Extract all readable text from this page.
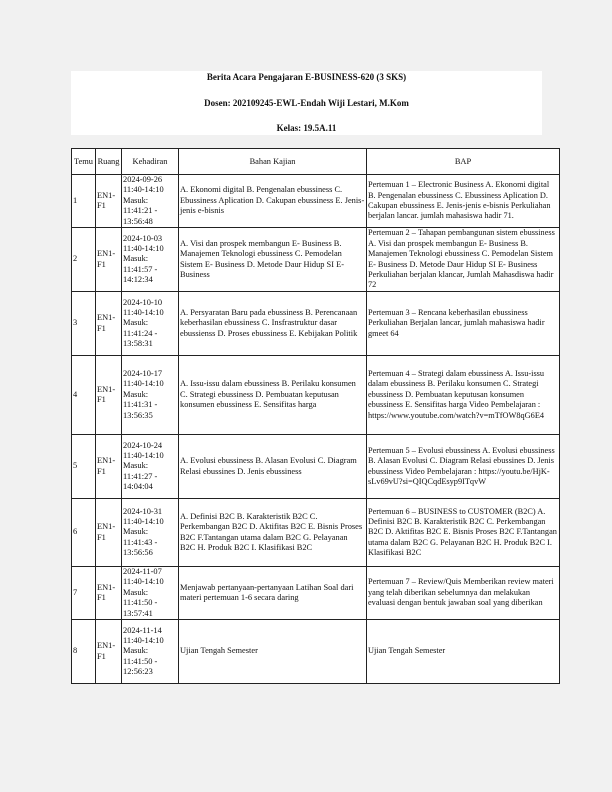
Berita Acara Pengajaran E-BUSINESS-620 (3 SKS)
Dosen: 202109245-EWL-Endah Wiji Lestari, M.Kom
Kelas: 19.5A.11
Temu	Ruang	Kehadiran	Bahan Kajian	BAP
1	EN1-F1	2024-09-26 11:40-14:10 Masuk: 11:41:21 - 13:56:48	A. Ekonomi digital B. Pengenalan ebussiness C. Ebussiness Aplication D. Cakupan ebussiness E. Jenis-jenis e-bisnis	Pertemuan 1 – Electronic Business A. Ekonomi digital B. Pengenalan ebussiness C. Ebussiness Aplication D. Cakupan ebussiness E. Jenis-jenis e-bisnis Perkuliahan berjalan lancar. jumlah mahasiswa hadir 71.
2	EN1-F1	2024-10-03 11:40-14:10 Masuk: 11:41:57 - 14:12:34	A. Visi dan prospek membangun E- Business B. Manajemen Teknologi ebussiness C. Pemodelan Sistem E- Business D. Metode Daur Hidup SI E- Business	Pertemuan 2 – Tahapan pembangunan sistem ebussiness A. Visi dan prospek membangun E- Business B. Manajemen Teknologi ebussiness C. Pemodelan Sistem E- Business D. Metode Daur Hidup SI E- Business Perkuliahan berjalan klancar, Jumlah Mahasdiswa hadir 72
3	EN1-F1	2024-10-10 11:40-14:10 Masuk: 11:41:24 - 13:58:31	A. Persyaratan Baru pada ebussiness B. Perencanaan keberhasilan ebussiness C. Insfrastruktur dasar ebussienss D. Proses ebussiness E. Kebijakan Politik	Pertemuan 3 – Rencana keberhasilan ebussiness Perkuliahan Berjalan lancar, jumlah mahasiswa hadir gmeet 64
4	EN1-F1	2024-10-17 11:40-14:10 Masuk: 11:41:31 - 13:56:35	A. Issu-issu dalam ebussiness B. Perilaku konsumen C. Strategi ebussiness D. Pembuatan keputusan konsumen ebussiness E. Sensifitas harga	Pertemuan 4 – Strategi dalam ebussiness A. Issu-issu dalam ebussiness B. Perilaku konsumen C. Strategi ebussiness D. Pembuatan keputusan konsumen ebussiness E. Sensifitas harga Video Pembelajaran : https://www.youtube.com/watch?v=mTfOW8qG6E4
5	EN1-F1	2024-10-24 11:40-14:10 Masuk: 11:41:27 - 14:04:04	A. Evolusi ebussiness B. Alasan Evolusi C. Diagram Relasi ebussines D. Jenis ebussiness	Pertemuan 5 – Evolusi ebussiness A. Evolusi ebussiness B. Alasan Evolusi C. Diagram Relasi ebussines D. Jenis ebussiness Video Pembelajaran : https://youtu.be/HjK-sLv69vU?si=QIQCqdEsyp9ITqvW
6	EN1-F1	2024-10-31 11:40-14:10 Masuk: 11:41:43 - 13:56:56	A. Definisi B2C B. Karakteristik B2C C. Perkembangan B2C D. Aktifitas B2C E. Bisnis Proses B2C F.Tantangan utama dalam B2C G. Pelayanan B2C H. Produk B2C I. Klasifikasi B2C	Pertemuan 6 – BUSINESS to CUSTOMER (B2C) A. Definisi B2C B. Karakteristik B2C C. Perkembangan B2C D. Aktifitas B2C E. Bisnis Proses B2C F.Tantangan utama dalam B2C G. Pelayanan B2C H. Produk B2C I. Klasifikasi B2C
7	EN1-F1	2024-11-07 11:40-14:10 Masuk: 11:41:50 - 13:57:41	Menjawab pertanyaan-pertanyaan Latihan Soal dari materi pertemuan 1-6 secara daring	Pertemuan 7 – Review/Quis Memberikan review materi yang telah diberikan sebelumnya dan melakukan evaluasi dengan bentuk jawaban soal yang diberikan
8	EN1-F1	2024-11-14 11:40-14:10 Masuk: 11:41:50 - 12:56:23	Ujian Tengah Semester	Ujian Tengah Semester
